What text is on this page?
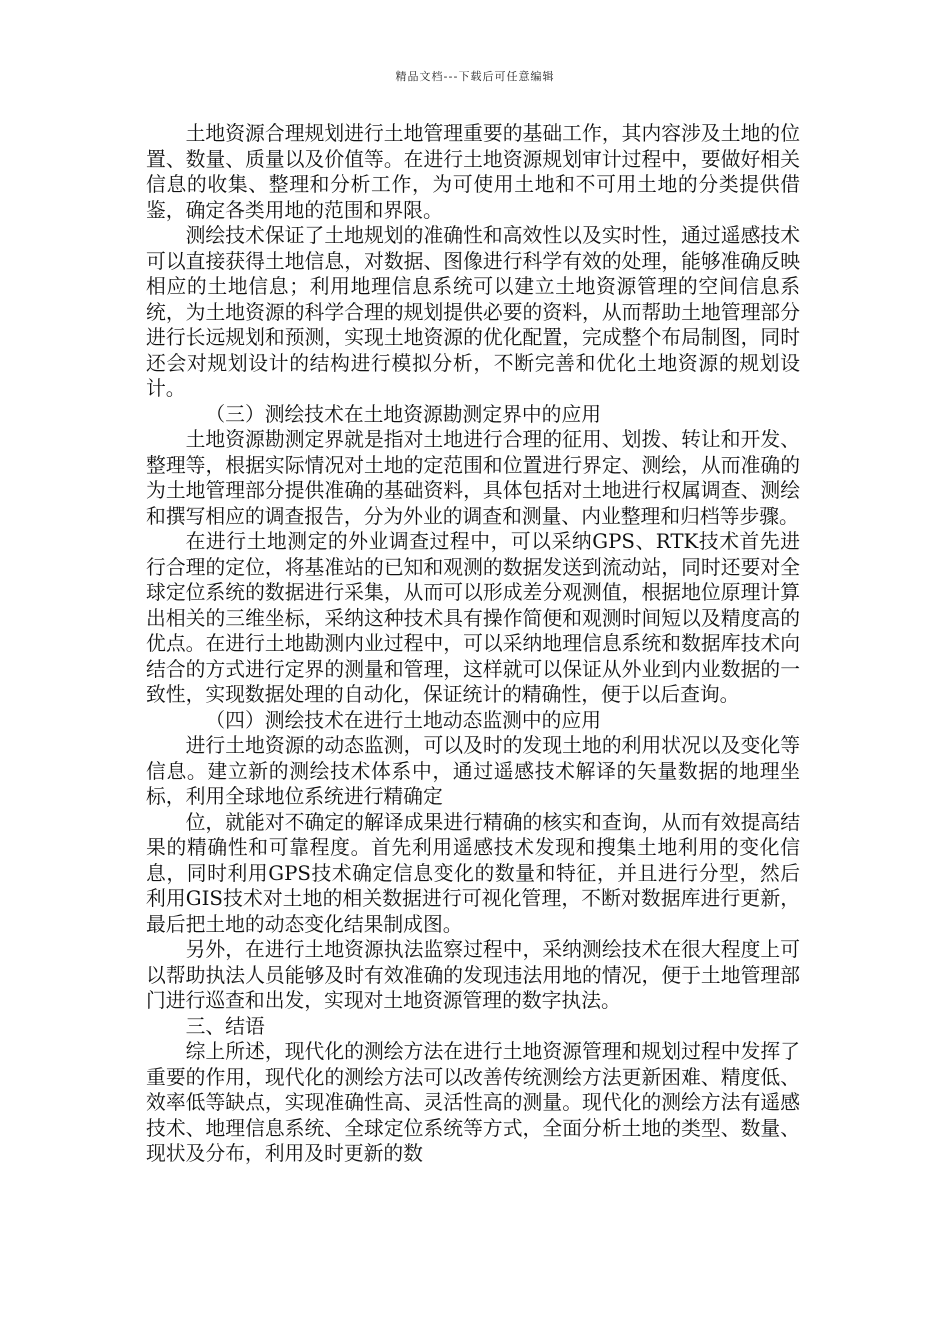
精品文档---下载后可任意编辑

土地资源合理规划进行土地管理重要的基础工作，其内容涉及土地的位置、数量、质量以及价值等。在进行土地资源规划审计过程中，要做好相关信息的收集、整理和分析工作，为可使用土地和不可用土地的分类提供借鉴，确定各类用地的范围和界限。

测绘技术保证了土地规划的准确性和高效性以及实时性，通过遥感技术可以直接获得土地信息，对数据、图像进行科学有效的处理，能够准确反映相应的土地信息；利用地理信息系统可以建立土地资源管理的空间信息系统，为土地资源的科学合理的规划提供必要的资料，从而帮助土地管理部分进行长远规划和预测，实现土地资源的优化配置，完成整个布局制图，同时还会对规划设计的结构进行模拟分析，不断完善和优化土地资源的规划设计。

（三）测绘技术在土地资源勘测定界中的应用

土地资源勘测定界就是指对土地进行合理的征用、划拨、转让和开发、整理等，根据实际情况对土地的定范围和位置进行界定、测绘，从而准确的为土地管理部分提供准确的基础资料，具体包括对土地进行权属调查、测绘和撰写相应的调查报告，分为外业的调查和测量、内业整理和归档等步骤。

在进行土地测定的外业调查过程中，可以采纳GPS、RTK技术首先进行合理的定位，将基准站的已知和观测的数据发送到流动站，同时还要对全球定位系统的数据进行采集，从而可以形成差分观测值，根据地位原理计算出相关的三维坐标，采纳这种技术具有操作简便和观测时间短以及精度高的优点。在进行土地勘测内业过程中，可以采纳地理信息系统和数据库技术向结合的方式进行定界的测量和管理，这样就可以保证从外业到内业数据的一致性，实现数据处理的自动化，保证统计的精确性，便于以后查询。

（四）测绘技术在进行土地动态监测中的应用

进行土地资源的动态监测，可以及时的发现土地的利用状况以及变化等信息。建立新的测绘技术体系中，通过遥感技术解译的矢量数据的地理坐标，利用全球地位系统进行精确定

位，就能对不确定的解译成果进行精确的核实和查询，从而有效提高结果的精确性和可靠程度。首先利用遥感技术发现和搜集土地利用的变化信息，同时利用GPS技术确定信息变化的数量和特征，并且进行分型，然后利用GIS技术对土地的相关数据进行可视化管理，不断对数据库进行更新，最后把土地的动态变化结果制成图。

另外，在进行土地资源执法监察过程中，采纳测绘技术在很大程度上可以帮助执法人员能够及时有效准确的发现违法用地的情况，便于土地管理部门进行巡查和出发，实现对土地资源管理的数字执法。

三、结语

综上所述，现代化的测绘方法在进行土地资源管理和规划过程中发挥了重要的作用，现代化的测绘方法可以改善传统测绘方法更新困难、精度低、效率低等缺点，实现准确性高、灵活性高的测量。现代化的测绘方法有遥感技术、地理信息系统、全球定位系统等方式，全面分析土地的类型、数量、现状及分布，利用及时更新的数
